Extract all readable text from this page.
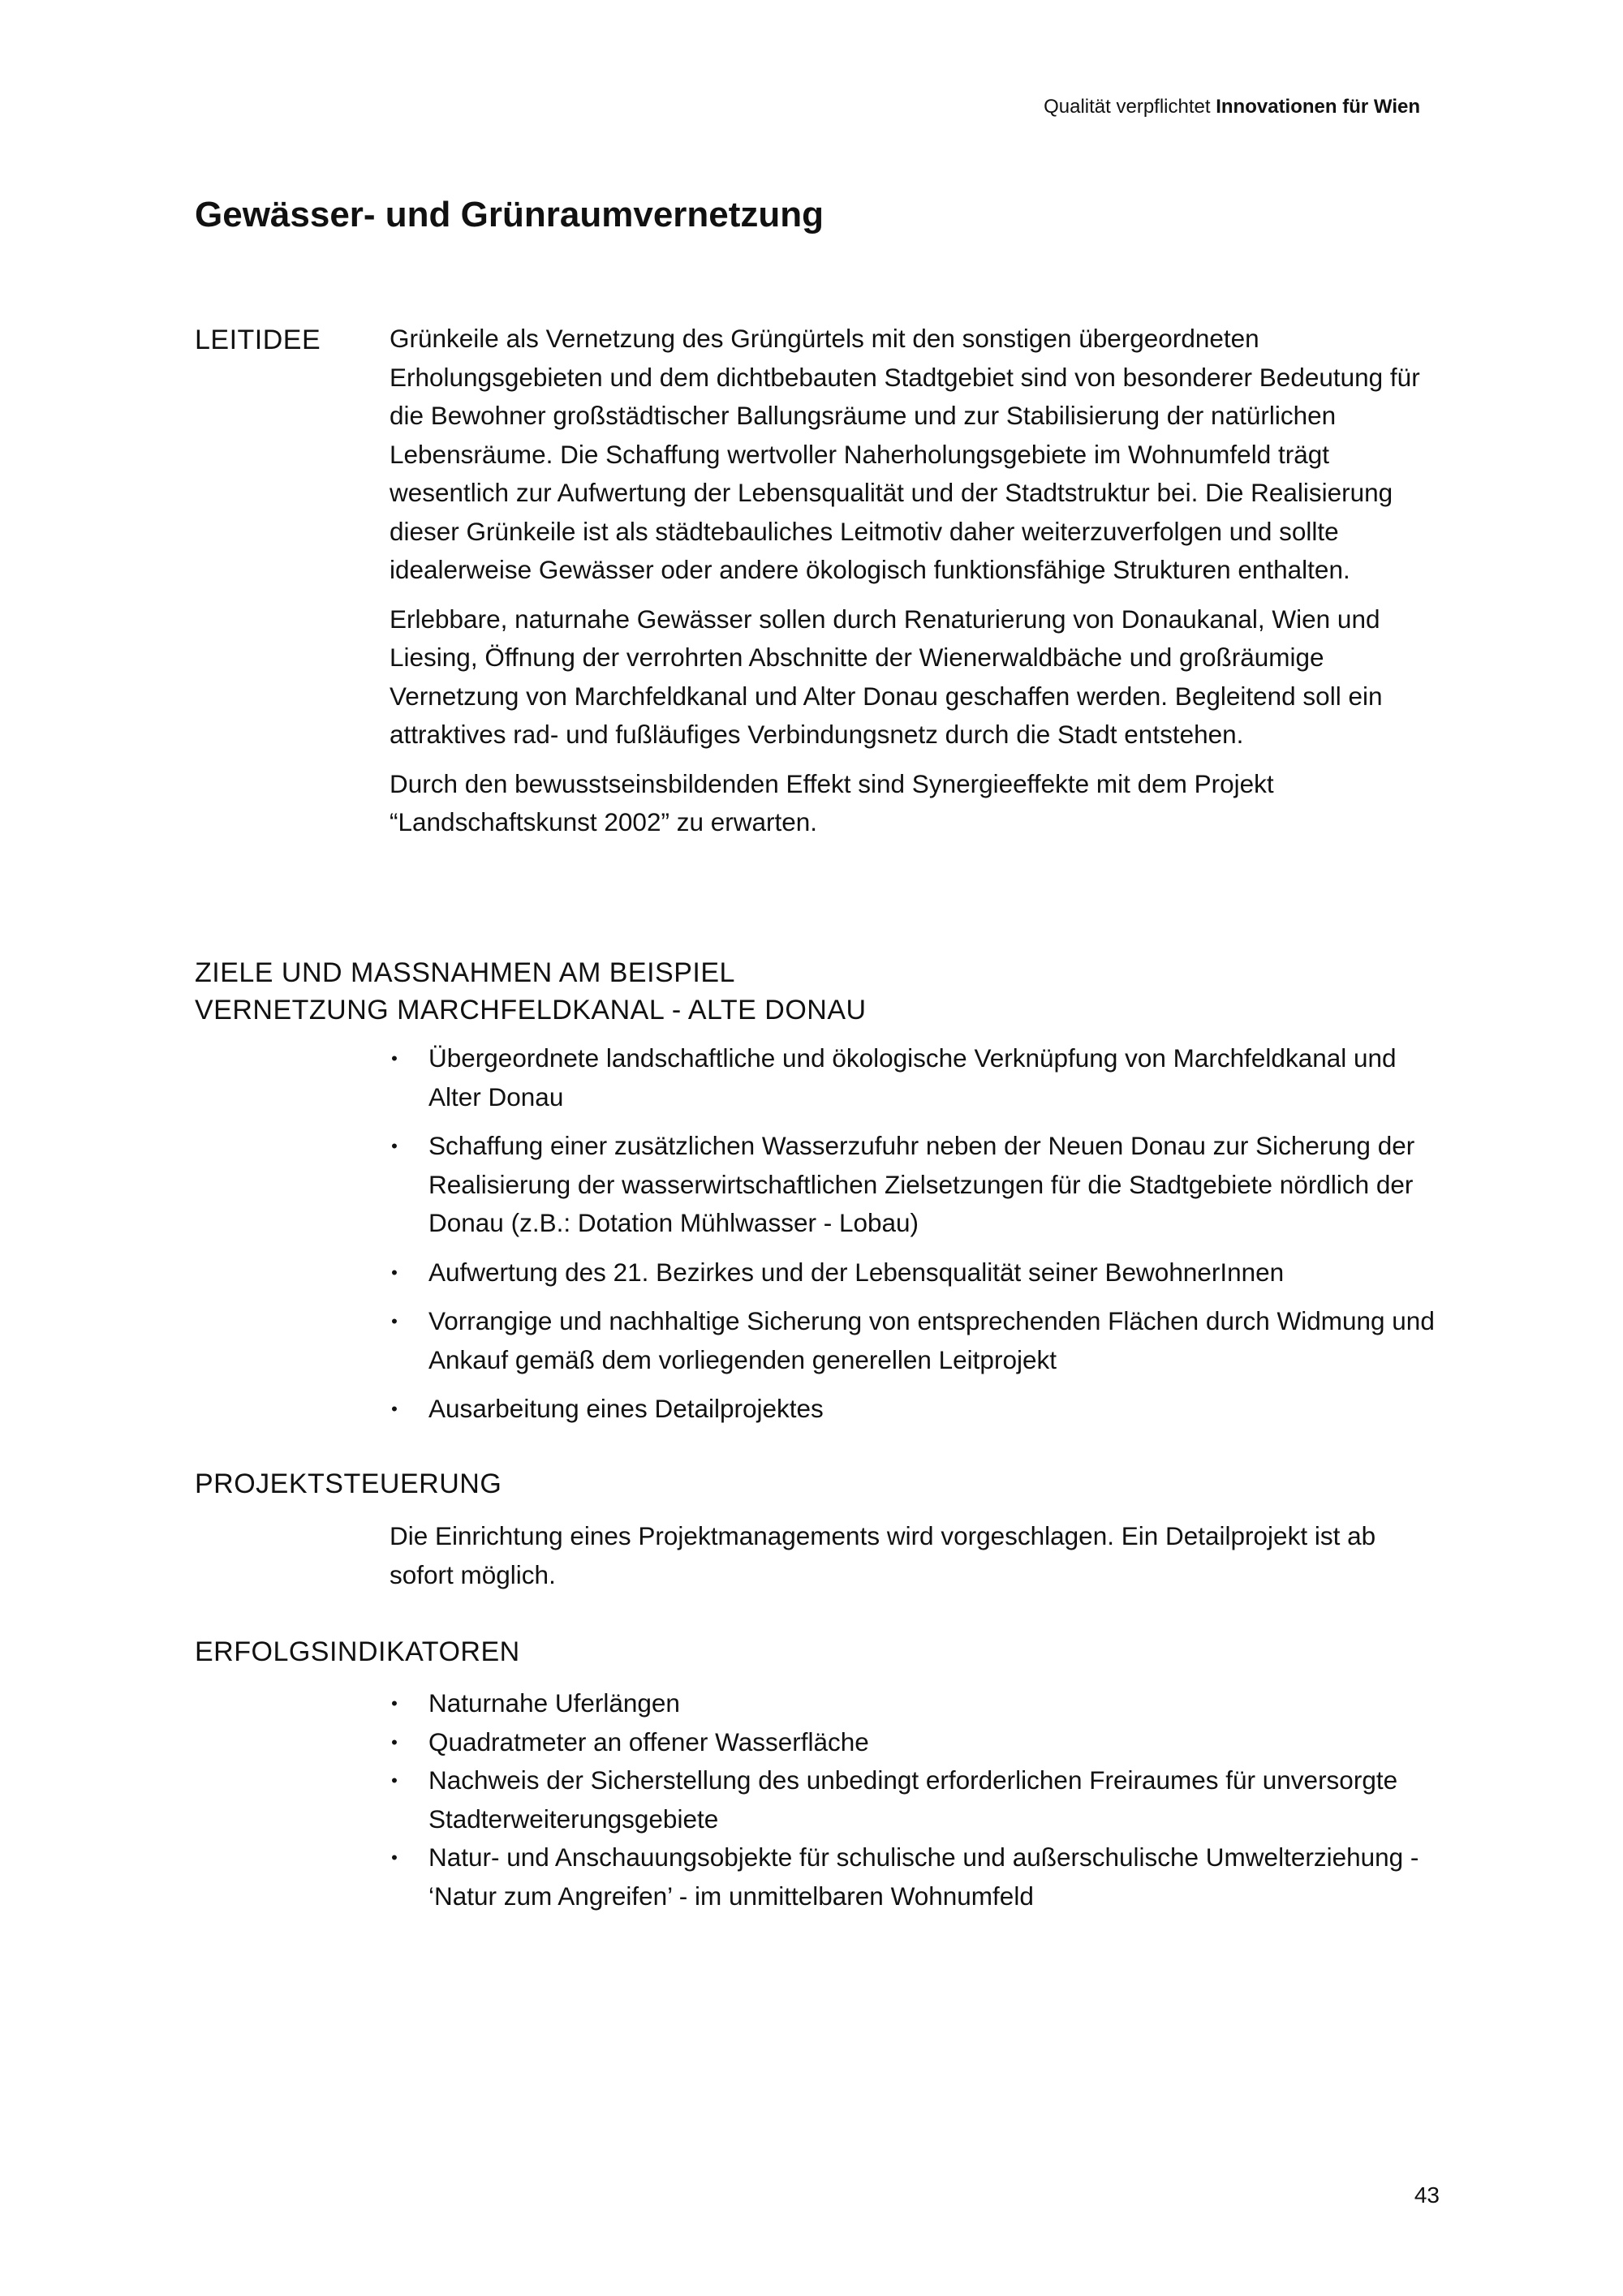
Qualität verpflichtet Innovationen für Wien
Gewässer- und Grünraumvernetzung
LEITIDEE	Grünkeile als Vernetzung des Grüngürtels mit den sonstigen übergeordneten Erholungsgebieten und dem dichtbebauten Stadtgebiet sind von besonderer Bedeutung für die Bewohner großstädtischer Ballungsräume und zur Stabilisierung der natürlichen Lebensräume. Die Schaffung wertvoller Naherholungsgebiete im Wohnumfeld trägt wesentlich zur Aufwertung der Lebensqualität und der Stadtstruktur bei. Die Realisierung dieser Grünkeile ist als städtebauliches Leitmotiv daher weiterzuverfolgen und sollte idealerweise Gewässer oder andere ökologisch funktionsfähige Strukturen enthalten.

Erlebbare, naturnahe Gewässer sollen durch Renaturierung von Donaukanal, Wien und Liesing, Öffnung der verrohrten Abschnitte der Wienerwaldbäche und großräumige Vernetzung von Marchfeldkanal und Alter Donau geschaffen werden. Begleitend soll ein attraktives rad- und fußläufiges Verbindungsnetz durch die Stadt entstehen.

Durch den bewusstseinsbildenden Effekt sind Synergieeffekte mit dem Projekt “Landschaftskunst 2002” zu erwarten.

ZIELE UND MASSNAHMEN AM BEISPIEL
VERNETZUNG MARCHFELDKANAL - ALTE DONAU
• Übergeordnete landschaftliche und ökologische Verknüpfung von Marchfeldkanal und Alter Donau
• Schaffung einer zusätzlichen Wasserzufuhr neben der Neuen Donau zur Sicherung der Realisierung der wasserwirtschaftlichen Zielsetzungen für die Stadtgebiete nördlich der Donau (z.B.: Dotation Mühlwasser - Lobau)
• Aufwertung des 21. Bezirkes und der Lebensqualität seiner BewohnerInnen
• Vorrangige und nachhaltige Sicherung von entsprechenden Flächen durch Widmung und Ankauf gemäß dem vorliegenden generellen Leitprojekt
• Ausarbeitung eines Detailprojektes
PROJEKTSTEUERUNG

Die Einrichtung eines Projektmanagements wird vorgeschlagen. Ein Detailprojekt ist ab sofort möglich.

ERFOLGSINDIKATOREN
• Naturnahe Uferlängen
• Quadratmeter an offener Wasserfläche
• Nachweis der Sicherstellung des unbedingt erforderlichen Freiraumes für unversorgte Stadterweiterungsgebiete
• Natur- und Anschauungsobjekte für schulische und außerschulische Umwelterziehung - ‘Natur zum Angreifen’ - im unmittelbaren Wohnumfeld
43
